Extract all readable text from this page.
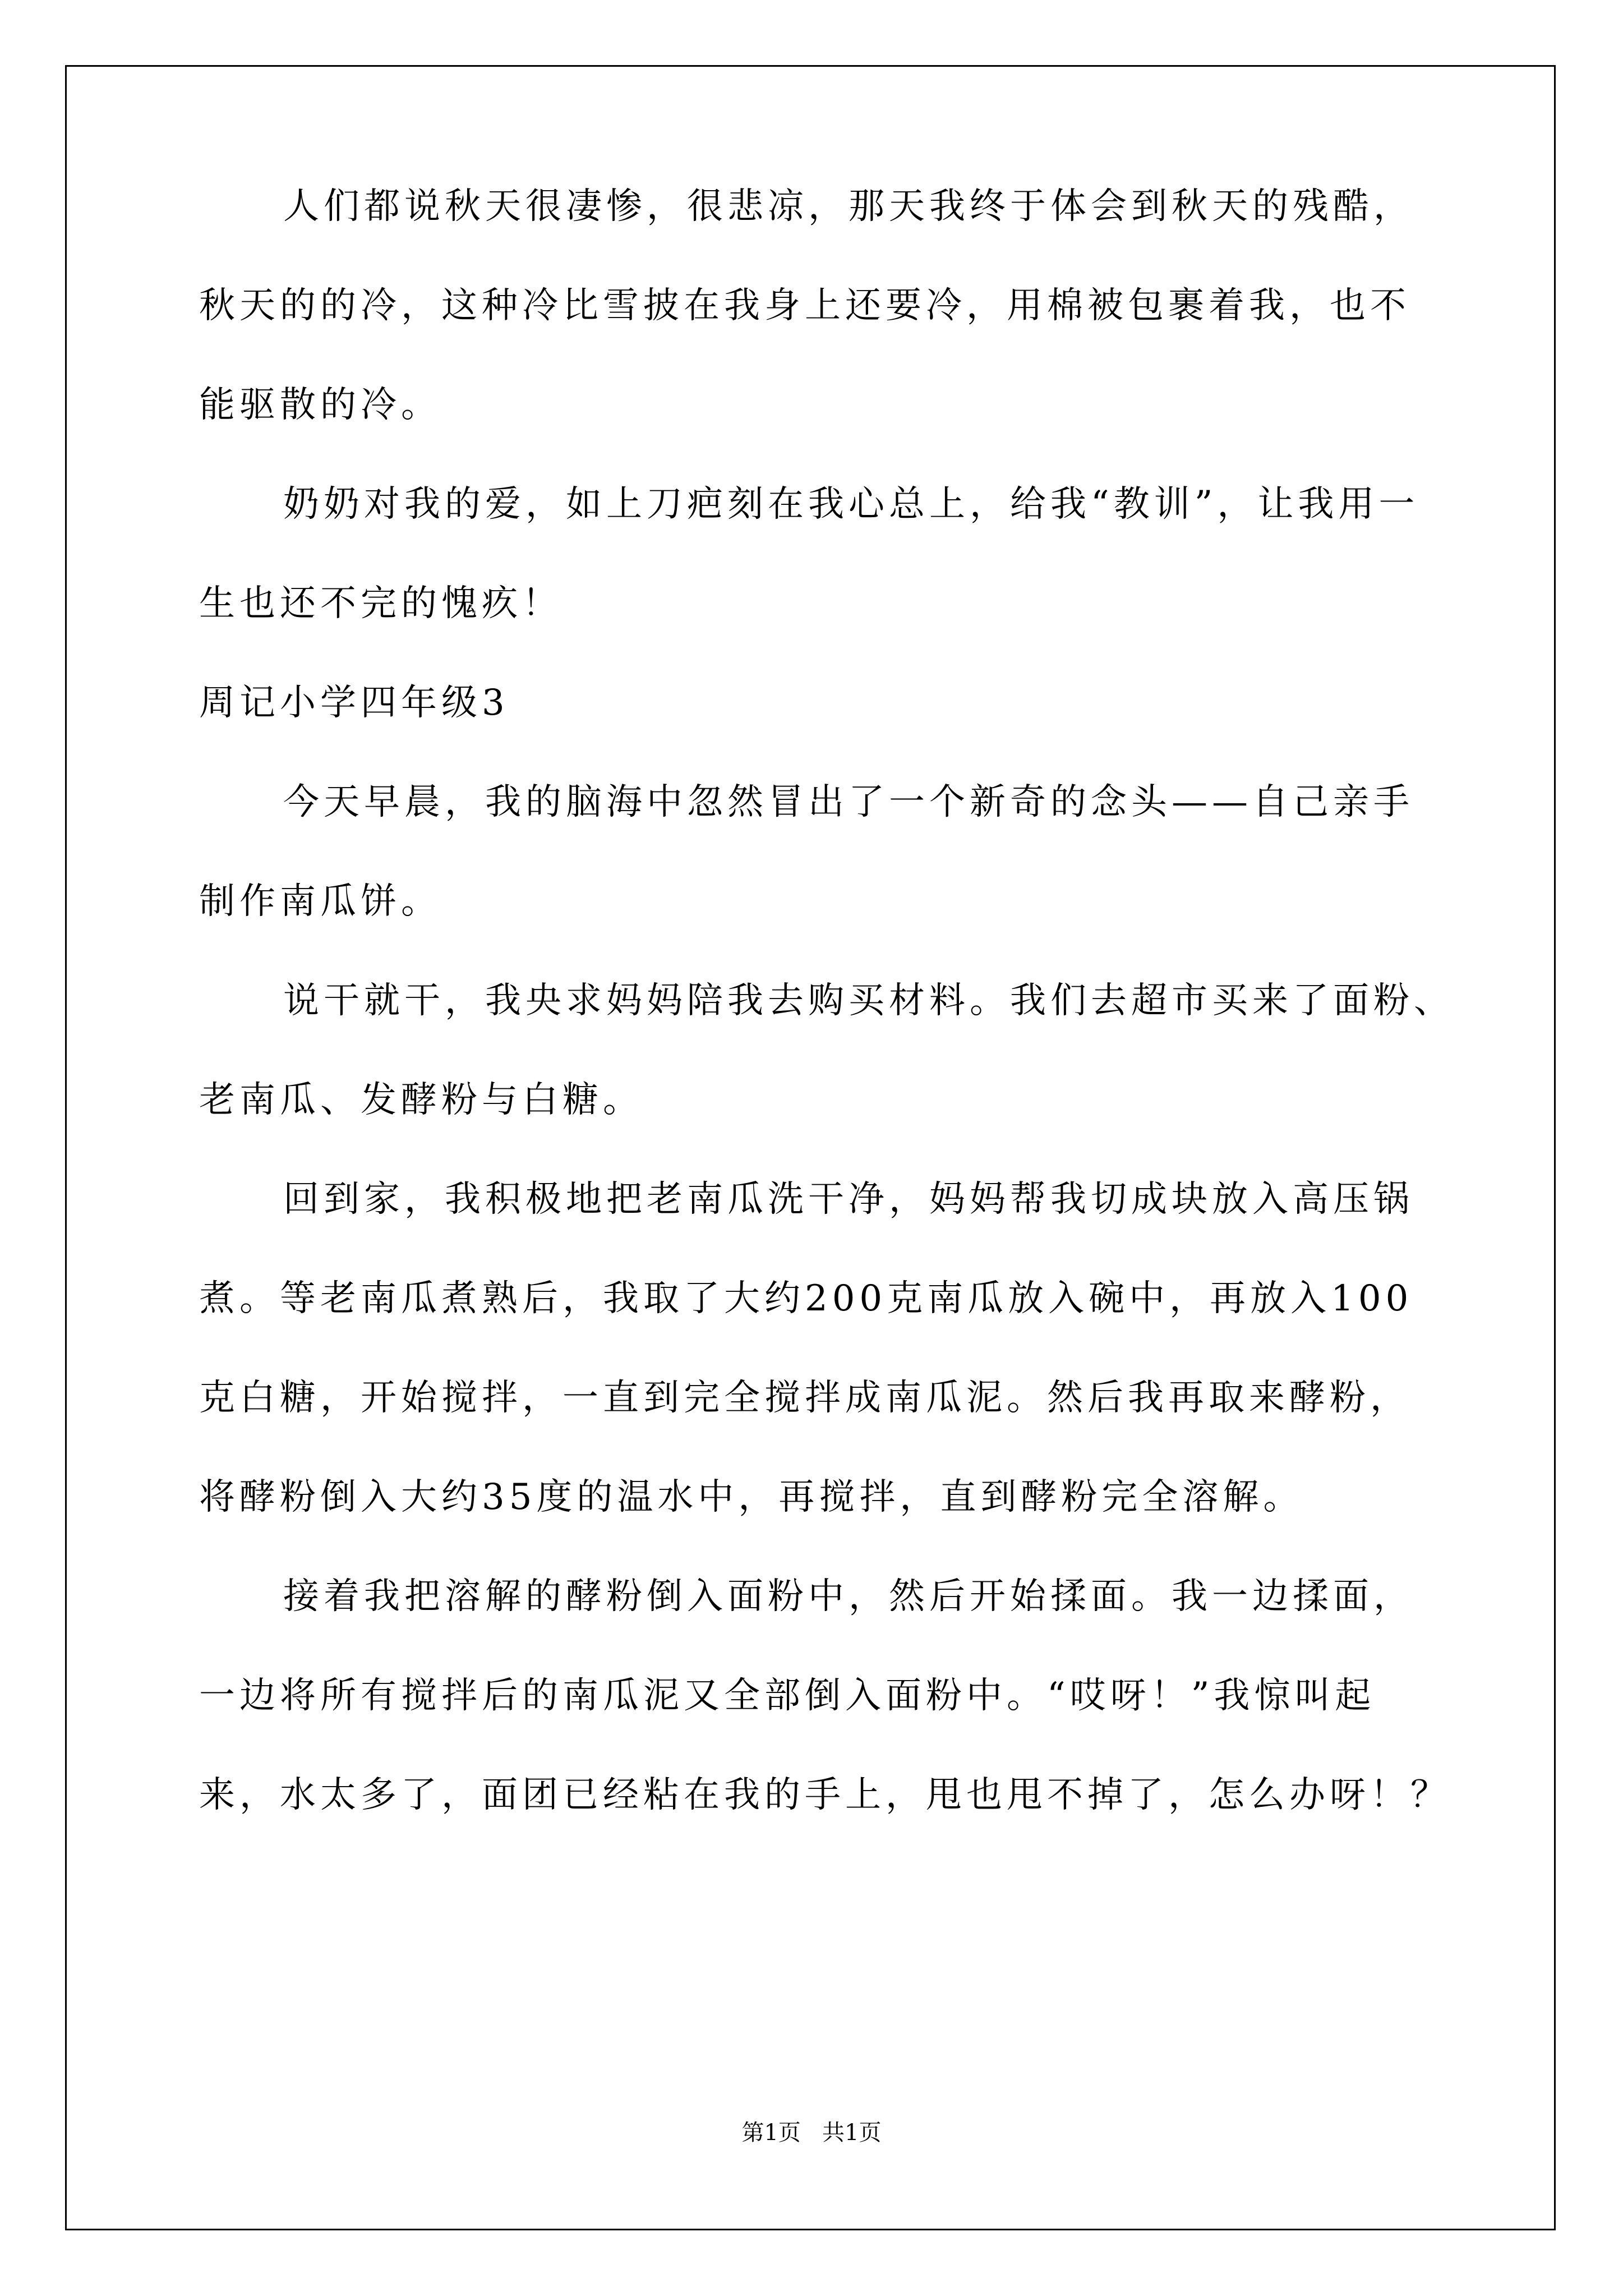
人们都说秋天很凄惨，很悲凉，那天我终于体会到秋天的残酷，
秋天的的冷，这种冷比雪披在我身上还要冷，用棉被包裹着我，也不
能驱散的冷。
奶奶对我的爱，如上刀疤刻在我心总上，给我“教训”，让我用一
生也还不完的愧疚！
周记小学四年级3
今天早晨，我的脑海中忽然冒出了一个新奇的念头——自己亲手
制作南瓜饼。
说干就干，我央求妈妈陪我去购买材料。我们去超市买来了面粉、
老南瓜、发酵粉与白糖。
回到家，我积极地把老南瓜洗干净，妈妈帮我切成块放入高压锅
煮。等老南瓜煮熟后，我取了大约200克南瓜放入碗中，再放入100
克白糖，开始搅拌，一直到完全搅拌成南瓜泥。然后我再取来酵粉，
将酵粉倒入大约35度的温水中，再搅拌，直到酵粉完全溶解。
接着我把溶解的酵粉倒入面粉中，然后开始揉面。我一边揉面，
一边将所有搅拌后的南瓜泥又全部倒入面粉中。“哎呀！”我惊叫起
来，水太多了，面团已经粘在我的手上，甩也甩不掉了，怎么办呀！？
第1页   共1页
